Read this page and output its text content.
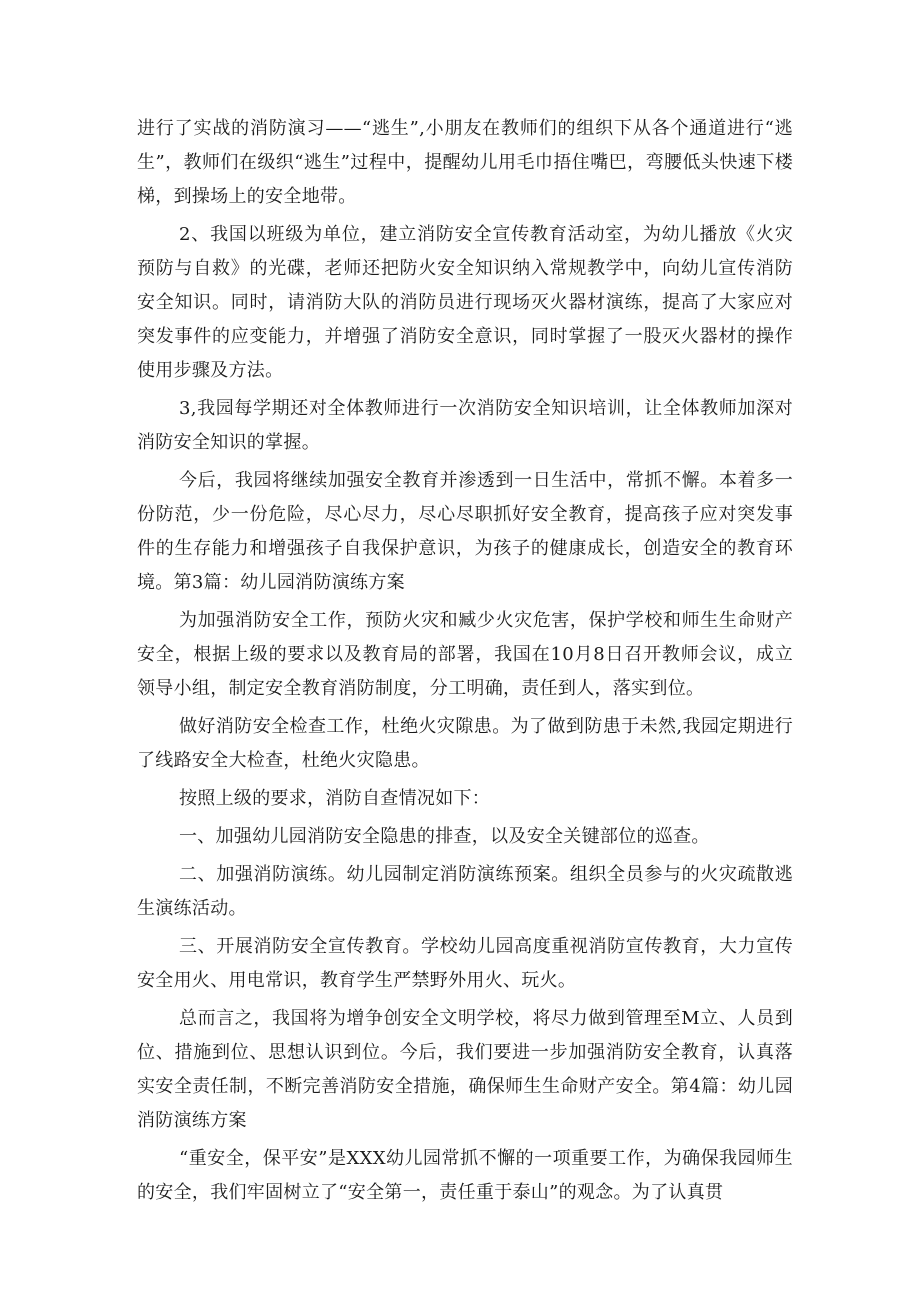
进行了实战的消防演习——“逃生”,小朋友在教师们的组织下从各个通道进行“逃生”，教师们在级织“逃生”过程中，提醒幼儿用毛巾捂住嘴巴，弯腰低头快速下楼梯，到操场上的安全地带。

2、我国以班级为单位，建立消防安全宣传教育活动室，为幼儿播放《火灾预防与自救》的光碟，老师还把防火安全知识纳入常规教学中，向幼儿宣传消防安全知识。同时，请消防大队的消防员进行现场灭火器材演练，提高了大家应对突发事件的应变能力，并增强了消防安全意识，同时掌握了一股灭火器材的操作使用步骤及方法。

3,我园每学期还对全体教师进行一次消防安全知识培训，让全体教师加深对消防安全知识的掌握。

今后，我园将继续加强安全教育并渗透到一日生活中，常抓不懈。本着多一份防范，少一份危险，尽心尽力，尽心尽职抓好安全教育，提高孩子应对突发事件的生存能力和增强孩子自我保护意识，为孩子的健康成长，创造安全的教育环境。第3篇：幼儿园消防演练方案

为加强消防安全工作，预防火灾和臧少火灾危害，保护学校和师生生命财产安全，根据上级的要求以及教育局的部署，我国在10月8日召开教师会议，成立领导小组，制定安全教育消防制度，分工明确，责任到人，落实到位。

做好消防安全检查工作，杜绝火灾隙患。为了做到防患于未然,我园定期进行了线路安全大检查，杜绝火灾隐患。

按照上级的要求，消防自查情况如下：

一、加强幼儿园消防安全隐患的排查，以及安全关键部位的巡查。

二、加强消防演练。幼儿园制定消防演练预案。组织全员参与的火灾疏散逃生演练活动。

三、开展消防安全宣传教育。学校幼儿园高度重视消防宣传教育，大力宣传安全用火、用电常识，教育学生严禁野外用火、玩火。

总而言之，我国将为增争创安全文明学校，将尽力做到管理至M立、人员到位、措施到位、思想认识到位。今后，我们要进一步加强消防安全教育，认真落实安全责任制，不断完善消防安全措施，确保师生生命财产安全。第4篇：幼儿园消防演练方案

“重安全，保平安”是XXX幼儿园常抓不懈的一项重要工作，为确保我园师生的安全，我们牢固树立了“安全第一，责任重于泰山”的观念。为了认真贯
